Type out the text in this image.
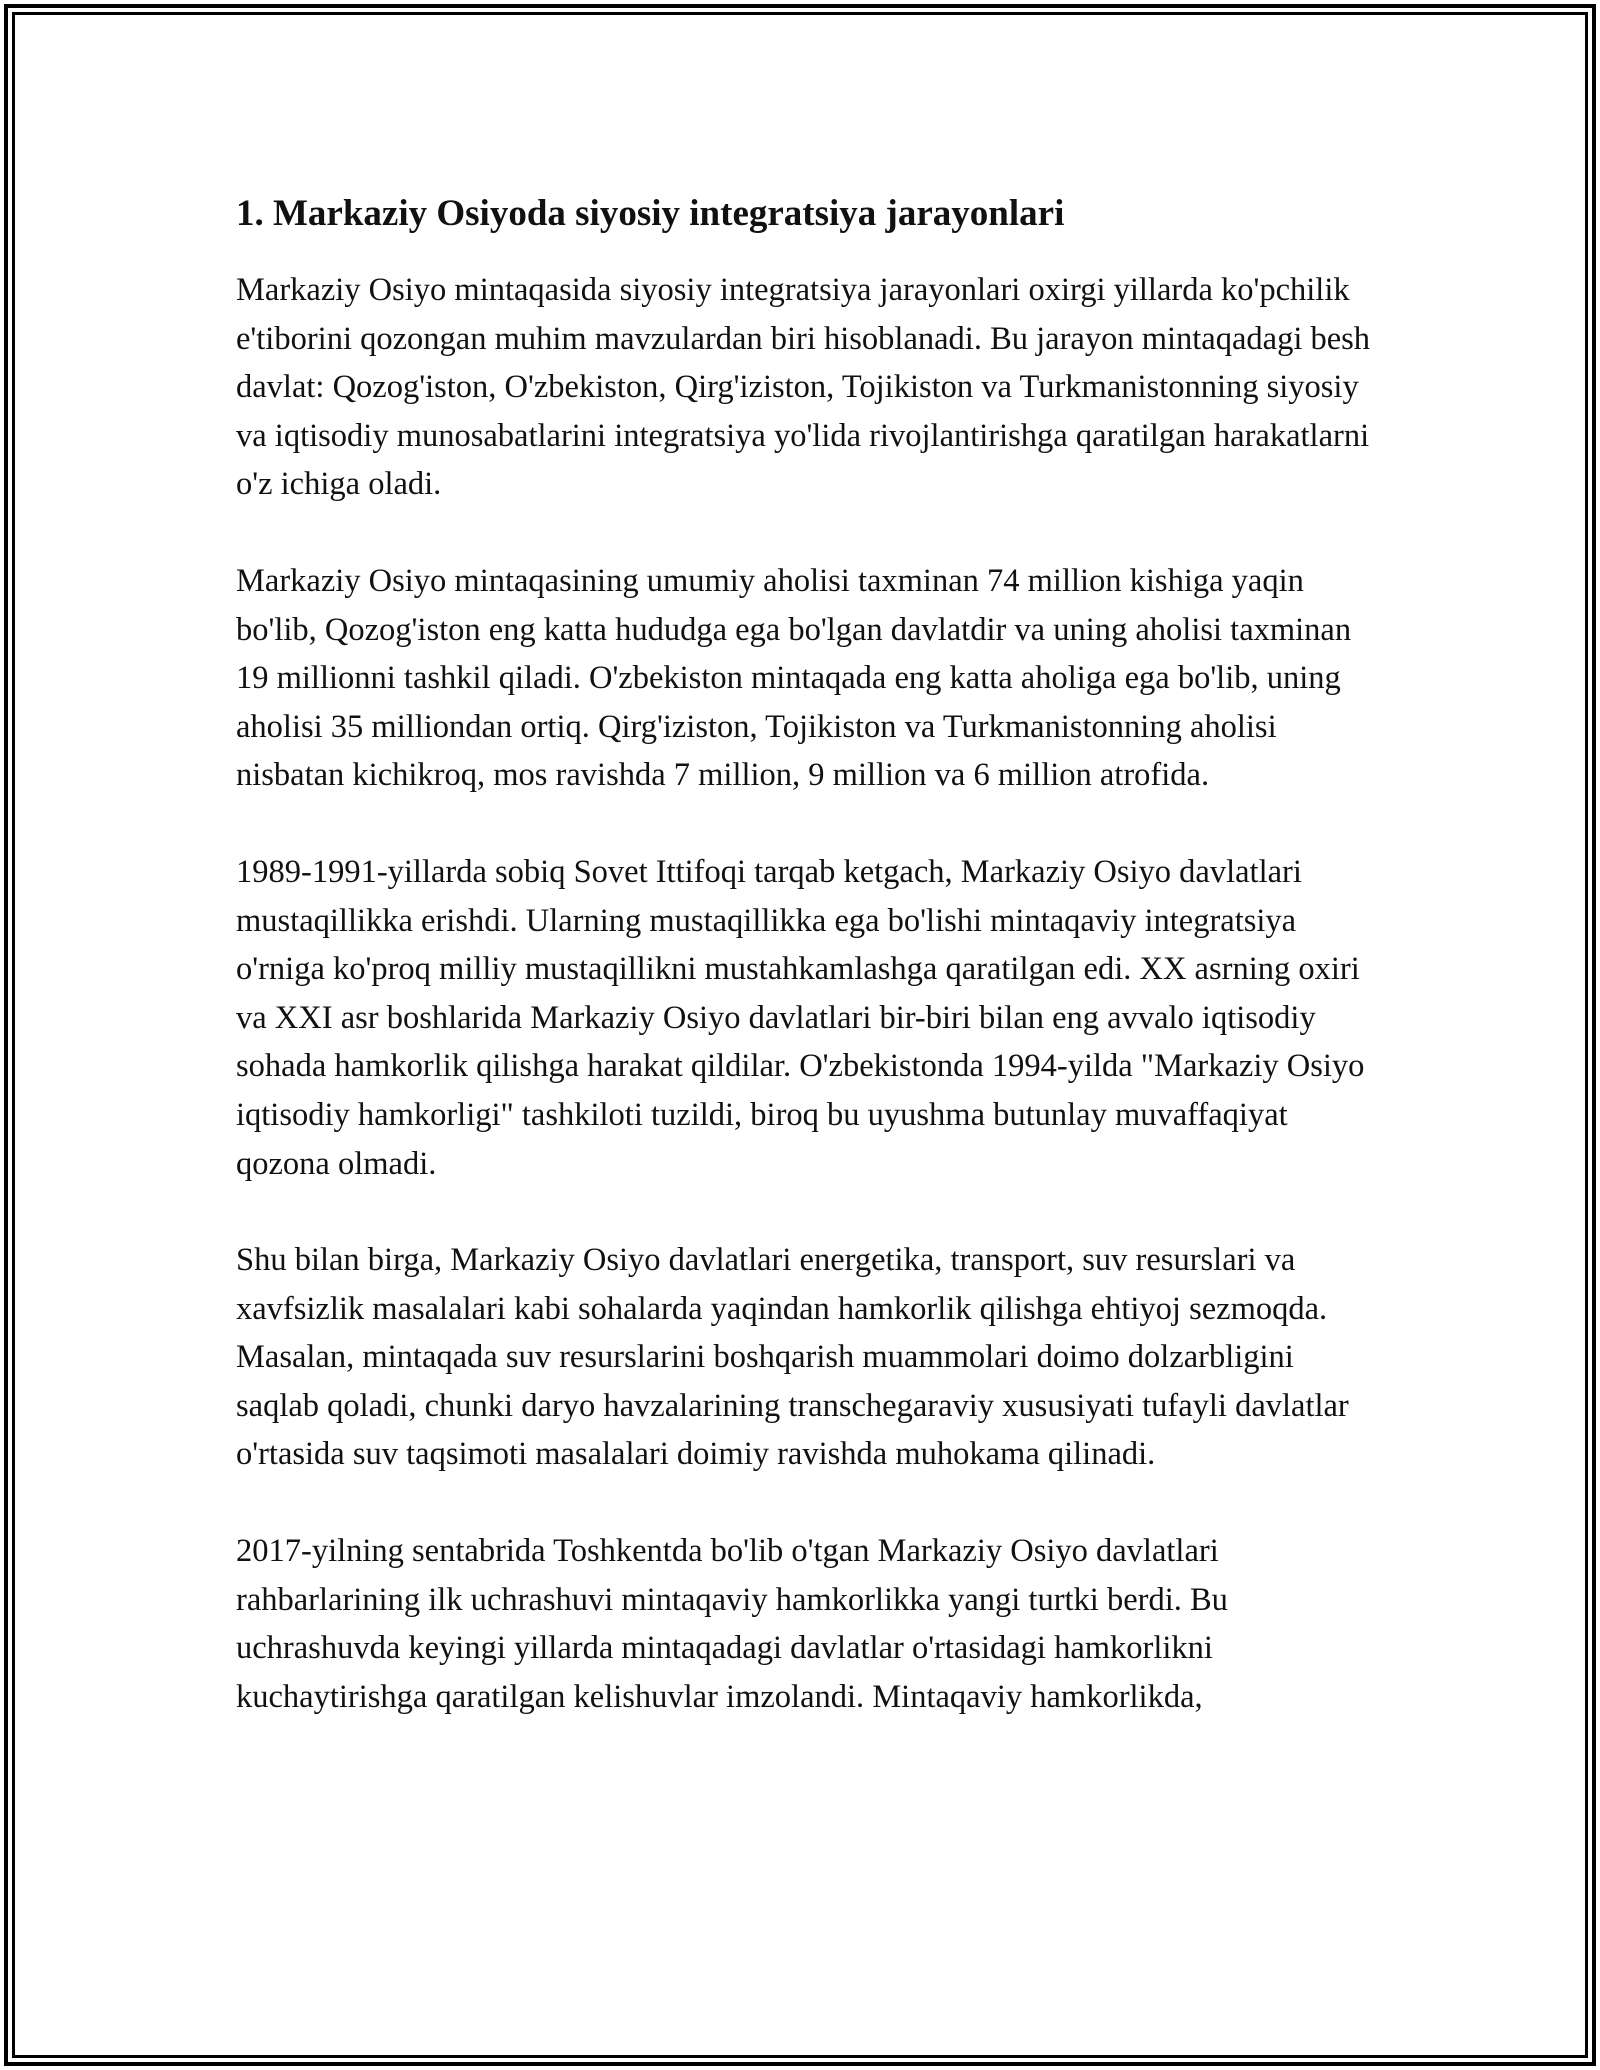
1. Markaziy Osiyoda siyosiy integratsiya jarayonlari

Markaziy Osiyo mintaqasida siyosiy integratsiya jarayonlari oxirgi yillarda ko'pchilik e'tiborini qozongan muhim mavzulardan biri hisoblanadi. Bu jarayon mintaqadagi besh davlat: Qozog'iston, O'zbekiston, Qirg'iziston, Tojikiston va Turkmanistonning siyosiy va iqtisodiy munosabatlarini integratsiya yo'lida rivojlantirishga qaratilgan harakatlarni o'z ichiga oladi.

Markaziy Osiyo mintaqasining umumiy aholisi taxminan 74 million kishiga yaqin bo'lib, Qozog'iston eng katta hududga ega bo'lgan davlatdir va uning aholisi taxminan 19 millionni tashkil qiladi. O'zbekiston mintaqada eng katta aholiga ega bo'lib, uning aholisi 35 milliondan ortiq. Qirg'iziston, Tojikiston va Turkmanistonning aholisi nisbatan kichikroq, mos ravishda 7 million, 9 million va 6 million atrofida.

1989-1991-yillarda sobiq Sovet Ittifoqi tarqab ketgach, Markaziy Osiyo davlatlari mustaqillikka erishdi. Ularning mustaqillikka ega bo'lishi mintaqaviy integratsiya o'rniga ko'proq milliy mustaqillikni mustahkamlashga qaratilgan edi. XX asrning oxiri va XXI asr boshlarida Markaziy Osiyo davlatlari bir-biri bilan eng avvalo iqtisodiy sohada hamkorlik qilishga harakat qildilar. O'zbekistonda 1994-yilda "Markaziy Osiyo iqtisodiy hamkorligi" tashkiloti tuzildi, biroq bu uyushma butunlay muvaffaqiyat qozona olmadi.

Shu bilan birga, Markaziy Osiyo davlatlari energetika, transport, suv resurslari va xavfsizlik masalalari kabi sohalarda yaqindan hamkorlik qilishga ehtiyoj sezmoqda. Masalan, mintaqada suv resurslarini boshqarish muammolari doimo dolzarbligini saqlab qoladi, chunki daryo havzalarining transchegaraviy xususiyati tufayli davlatlar o'rtasida suv taqsimoti masalalari doimiy ravishda muhokama qilinadi.

2017-yilning sentabrida Toshkentda bo'lib o'tgan Markaziy Osiyo davlatlari rahbarlarining ilk uchrashuvi mintaqaviy hamkorlikka yangi turtki berdi. Bu uchrashuvda keyingi yillarda mintaqadagi davlatlar o'rtasidagi hamkorlikni kuchaytirishga qaratilgan kelishuvlar imzolandi. Mintaqaviy hamkorlikda,
